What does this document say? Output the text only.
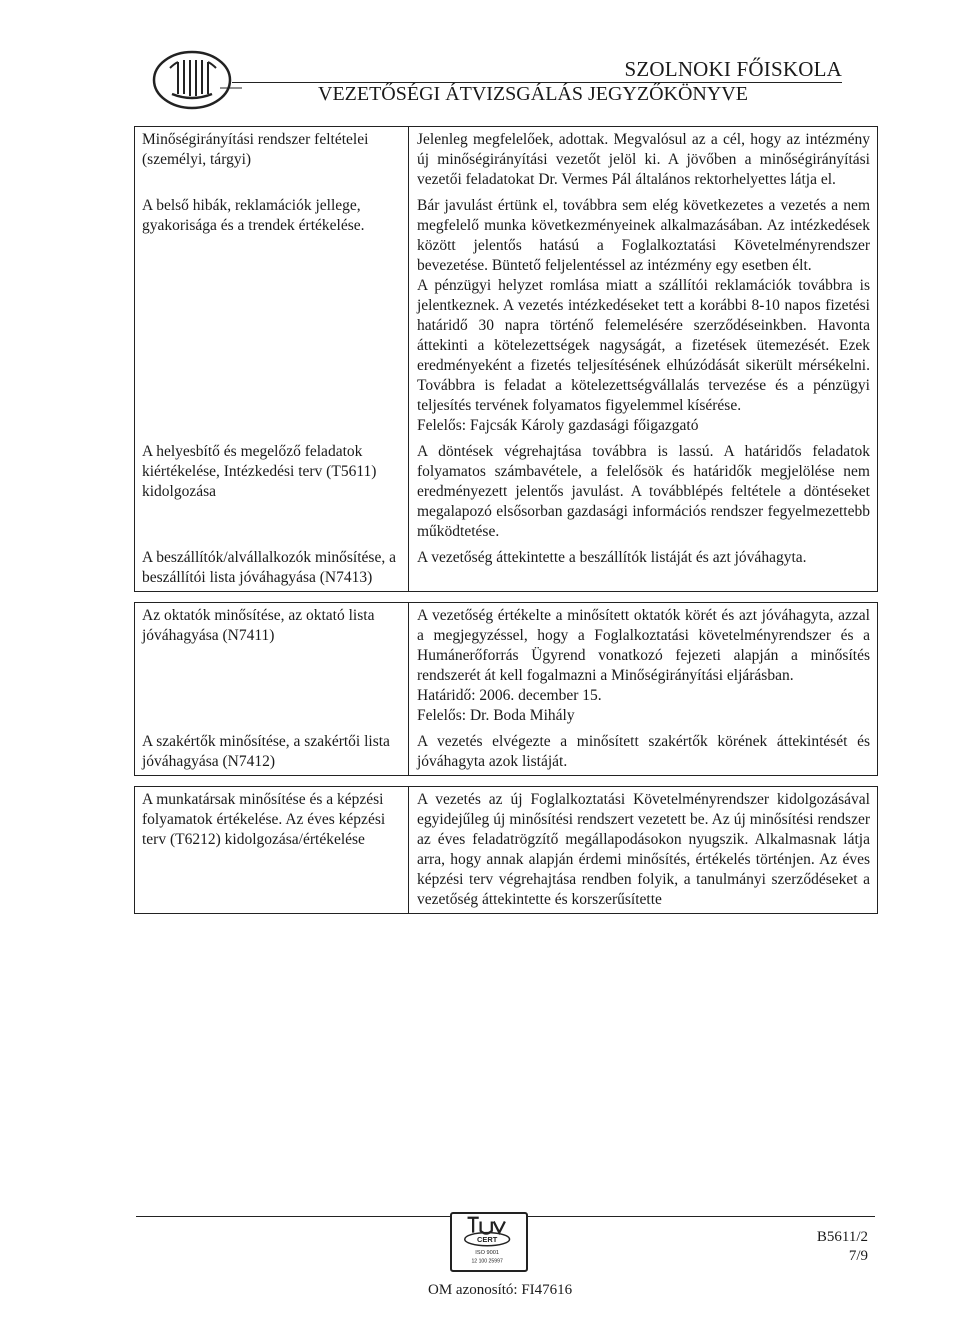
SZOLNOKI FŐISKOLA
VEZETŐSÉGI ÁTVIZSGÁLÁS JEGYZŐKÖNYVE
Minőségirányítási rendszer feltételei (személyi, tárgyi)

Jelenleg megfelelőek, adottak. Megvalósul az a cél, hogy az intézmény új minőségirányítási vezetőt jelöl ki. A jövőben a minőségirányítási vezetői feladatokat Dr. Vermes Pál általános rektorhelyettes látja el.

A belső hibák, reklamációk jellege, gyakorisága és a trendek értékelése.

Bár javulást értünk el, továbbra sem elég következetes a vezetés a nem megfelelő munka következményeinek alkalmazásában. Az intézkedések között jelentős hatású a Foglalkoztatási Követelményrendszer bevezetése. Büntető feljelentéssel az intézmény egy esetben élt.

A pénzügyi helyzet romlása miatt a szállítói reklamációk továbbra is jelentkeznek. A vezetés intézkedéseket tett a korábbi 8-10 napos fizetési határidő 30 napra történő felemelésére szerződéseinkben. Havonta áttekinti a kötelezettségek nagyságát, a fizetések ütemezését. Ezek eredményeként a fizetés teljesítésének elhúzódását sikerült mérsékelni. Továbbra is feladat a kötelezettségvállalás tervezése és a pénzügyi teljesítés tervének folyamatos figyelemmel kísérése.

Felelős: Fajcsák Károly gazdasági főigazgató

A helyesbítő és megelőző feladatok kiértékelése, Intézkedési terv (T5611) kidolgozása

A döntések végrehajtása továbbra is lassú. A határidős feladatok folyamatos számbavétele, a felelősök és határidők megjelölése nem eredményezett jelentős javulást. A továbblépés feltétele a döntéseket megalapozó elsősorban gazdasági információs rendszer fegyelmezettebb működtetése.

A beszállítók/alvállalkozók minősítése, a beszállítói lista jóváhagyása (N7413)

A vezetőség áttekintette a beszállítók listáját és azt jóváhagyta.

Az oktatók minősítése, az oktató lista jóváhagyása (N7411)

A vezetőség értékelte a minősített oktatók körét és azt jóváhagyta, azzal a megjegyzéssel, hogy a Foglalkoztatási követelményrendszer és a Humánerőforrás Ügyrend vonatkozó fejezeti alapján a minősítés rendszerét át kell fogalmazni a Minőségirányítási eljárásban.

Határidő: 2006. december 15.

Felelős: Dr. Boda Mihály

A szakértők minősítése, a szakértői lista jóváhagyása (N7412)

A vezetés elvégezte a minősített szakértők körének áttekintését és jóváhagyta azok listáját.

A munkatársak minősítése és a képzési folyamatok értékelése. Az éves képzési terv (T6212) kidolgozása/értékelése

A vezetés az új Foglalkoztatási Követelményrendszer kidolgozásával egyidejűleg új minősítési rendszert vezetett be. Az új minősítési rendszer az éves feladatrögzítő megállapodásokon nyugszik. Alkalmasnak látja arra, hogy annak alapján érdemi minősítés, értékelés történjen. Az éves képzési terv végrehajtása rendben folyik, a tanulmányi szerződéseket a vezetőség áttekintette és korszerűsítette

CERT
ISO 9001
12 100 25997
OM azonosító: FI47616
B5611/2
7/9
